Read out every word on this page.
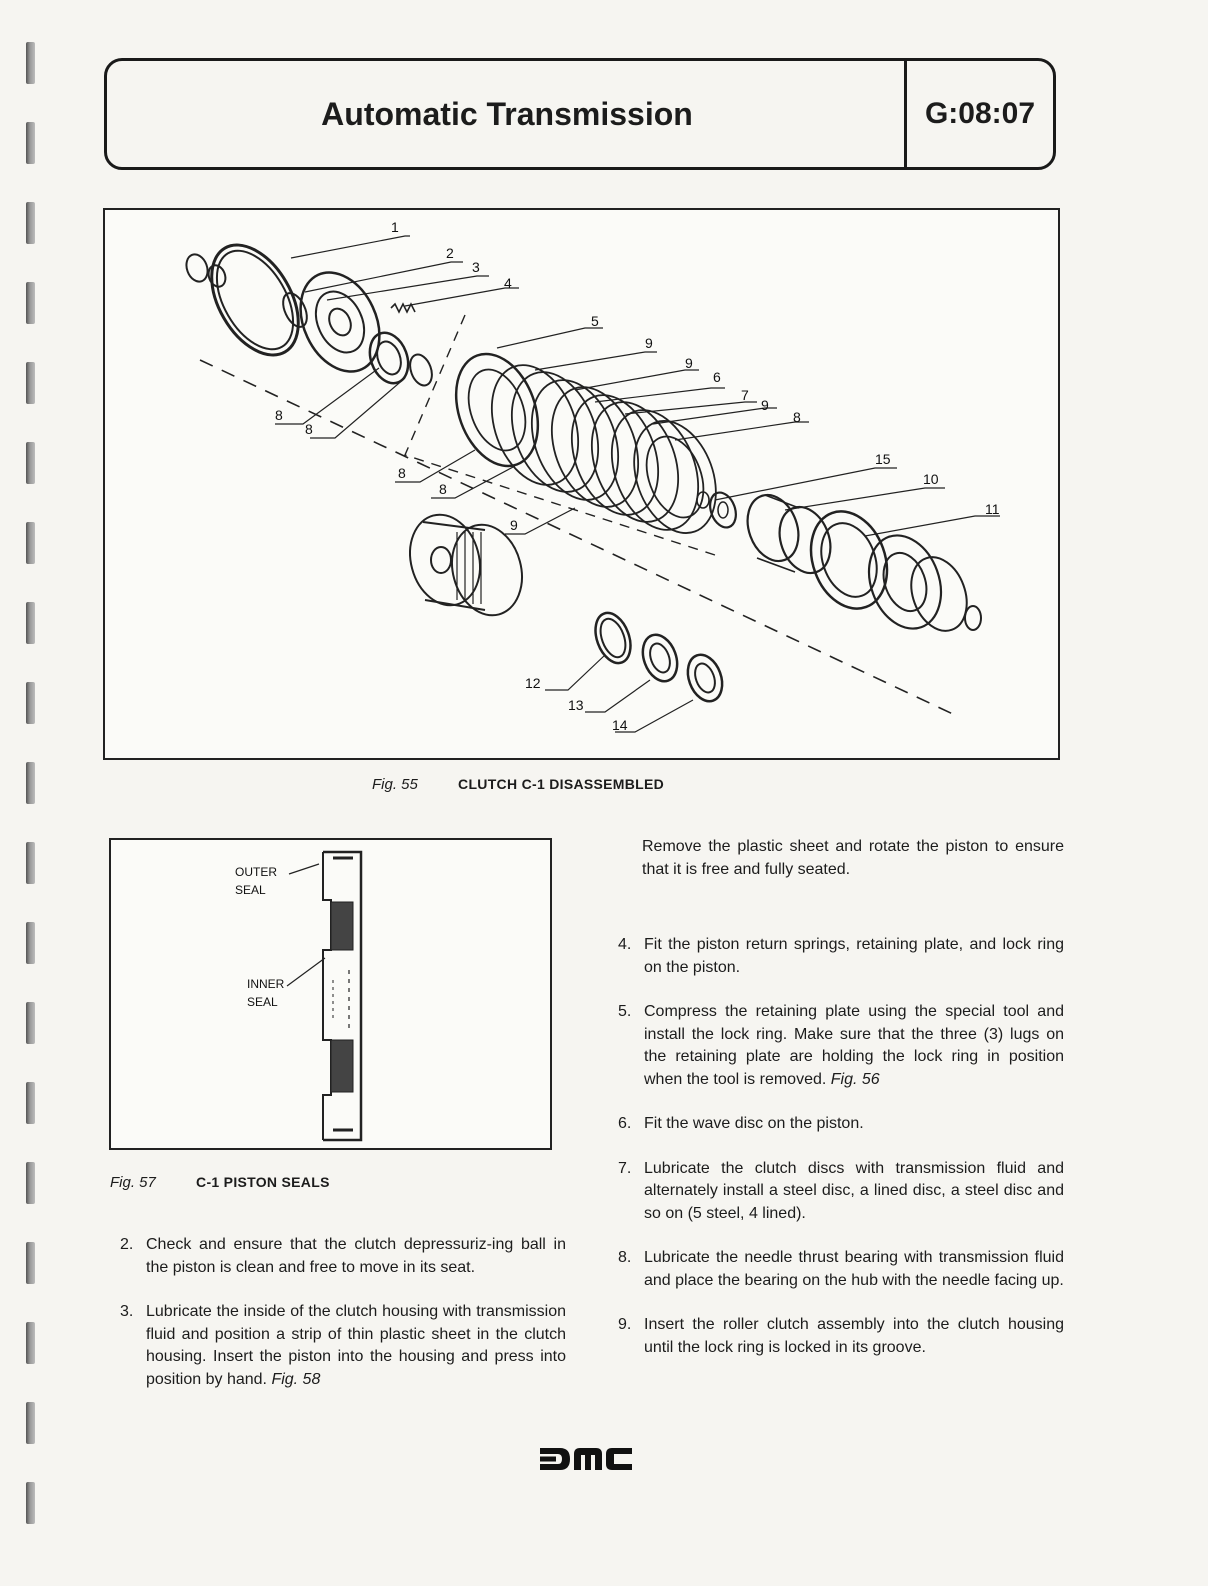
Automatic Transmission	G:08:07
1
2
3
4
5
6
7
8
8
8
9
9
9
9
8
8
15
10
11
12
13
14
Fig. 55	CLUTCH C-1 DISASSEMBLED
OUTER
SEAL
INNER
SEAL
Fig. 57	C-1 PISTON SEALS
2. Check and ensure that the clutch depressuriz-ing ball in the piston is clean and free to move in its seat.
3. Lubricate the inside of the clutch housing with transmission fluid and position a strip of thin plastic sheet in the clutch housing. Insert the piston into the housing and press into position by hand. Fig. 58
Remove the plastic sheet and rotate the piston to ensure that it is free and fully seated.
4. Fit the piston return springs, retaining plate, and lock ring on the piston.
5. Compress the retaining plate using the special tool and install the lock ring. Make sure that the three (3) lugs on the retaining plate are holding the lock ring in position when the tool is removed. Fig. 56
6. Fit the wave disc on the piston.
7. Lubricate the clutch discs with transmission fluid and alternately install a steel disc, a lined disc, a steel disc and so on (5 steel, 4 lined).
8. Lubricate the needle thrust bearing with transmission fluid and place the bearing on the hub with the needle facing up.
9. Insert the roller clutch assembly into the clutch housing until the lock ring is locked in its groove.
